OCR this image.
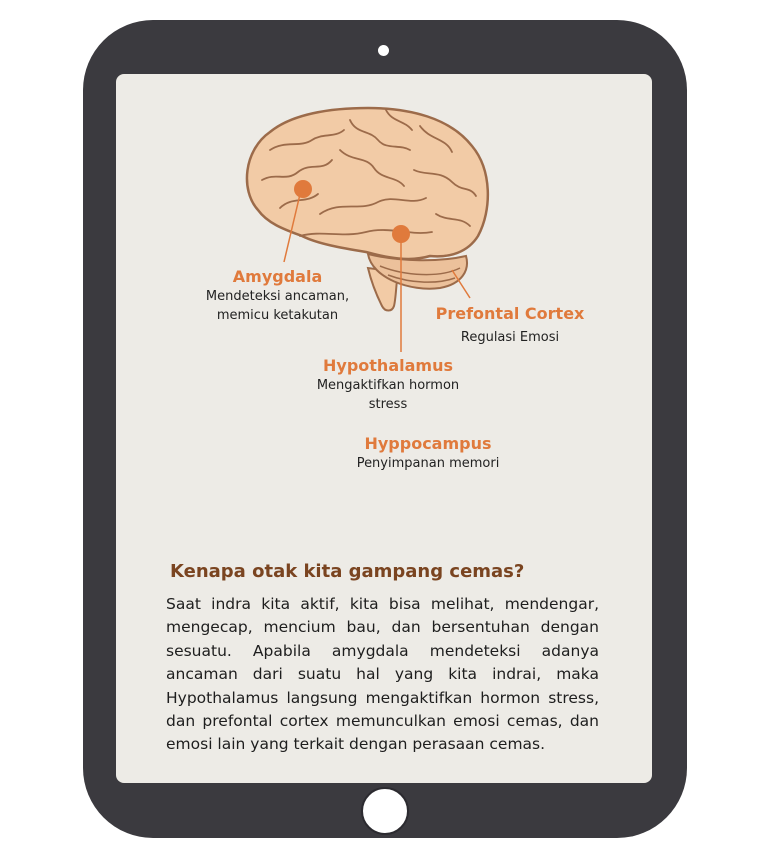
Amygdala
Mendeteksi ancaman,
memicu ketakutan	Prefontal Cortex
Regulasi Emosi
Hypothalamus
Mengaktifkan hormon
stress
Hyppocampus
Penyimpanan memori
Kenapa otak kita gampang cemas?
Saat indra kita aktif, kita bisa melihat, mendengar, mengecap, mencium bau, dan bersentuhan dengan sesuatu. Apabila amygdala mendeteksi adanya ancaman dari suatu hal yang kita indrai, maka Hypothalamus langsung mengaktifkan hormon stress, dan prefontal cortex memunculkan emosi cemas, dan emosi lain yang terkait dengan perasaan cemas.
